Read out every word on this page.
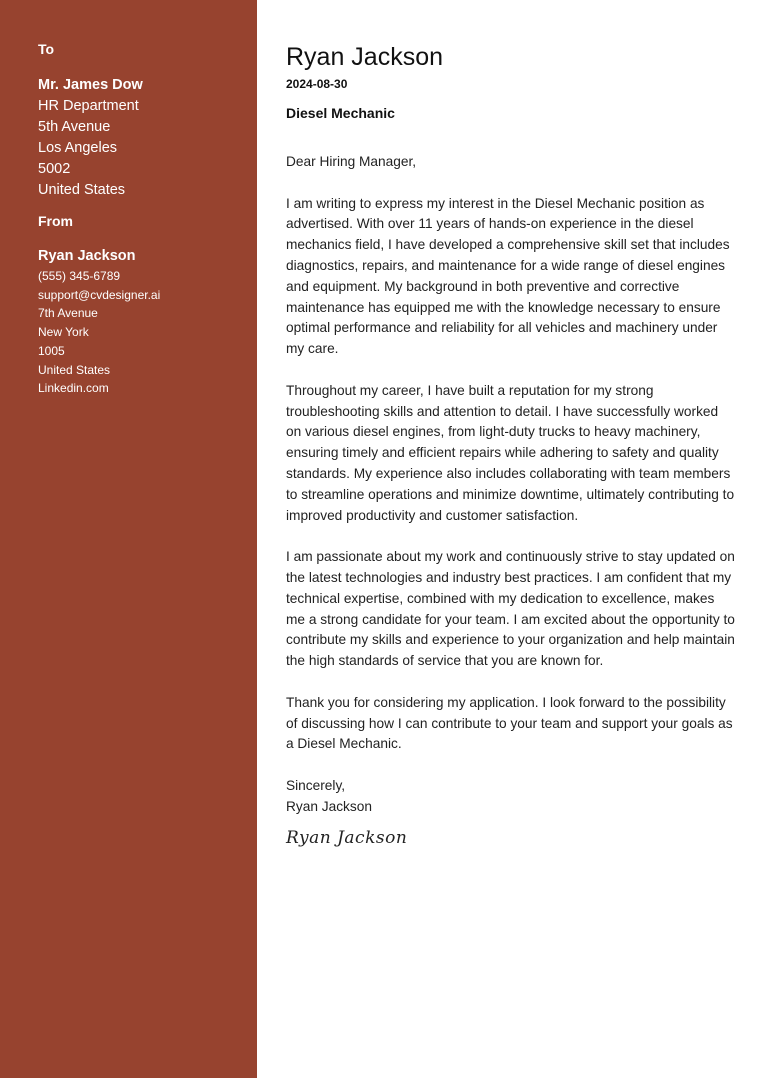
To
Mr. James Dow
HR Department
5th Avenue
Los Angeles
5002
United States
From
Ryan Jackson
(555) 345-6789
support@cvdesigner.ai
7th Avenue
New York
1005
United States
Linkedin.com
Ryan Jackson
2024-08-30
Diesel Mechanic

Dear Hiring Manager,

I am writing to express my interest in the Diesel Mechanic position as advertised. With over 11 years of hands-on experience in the diesel mechanics field, I have developed a comprehensive skill set that includes diagnostics, repairs, and maintenance for a wide range of diesel engines and equipment. My background in both preventive and corrective maintenance has equipped me with the knowledge necessary to ensure optimal performance and reliability for all vehicles and machinery under my care.

Throughout my career, I have built a reputation for my strong troubleshooting skills and attention to detail. I have successfully worked on various diesel engines, from light-duty trucks to heavy machinery, ensuring timely and efficient repairs while adhering to safety and quality standards. My experience also includes collaborating with team members to streamline operations and minimize downtime, ultimately contributing to improved productivity and customer satisfaction.

I am passionate about my work and continuously strive to stay updated on the latest technologies and industry best practices. I am confident that my technical expertise, combined with my dedication to excellence, makes me a strong candidate for your team. I am excited about the opportunity to contribute my skills and experience to your organization and help maintain the high standards of service that you are known for.

Thank you for considering my application. I look forward to the possibility of discussing how I can contribute to your team and support your goals as a Diesel Mechanic.

Sincerely,
Ryan Jackson
Ryan Jackson
